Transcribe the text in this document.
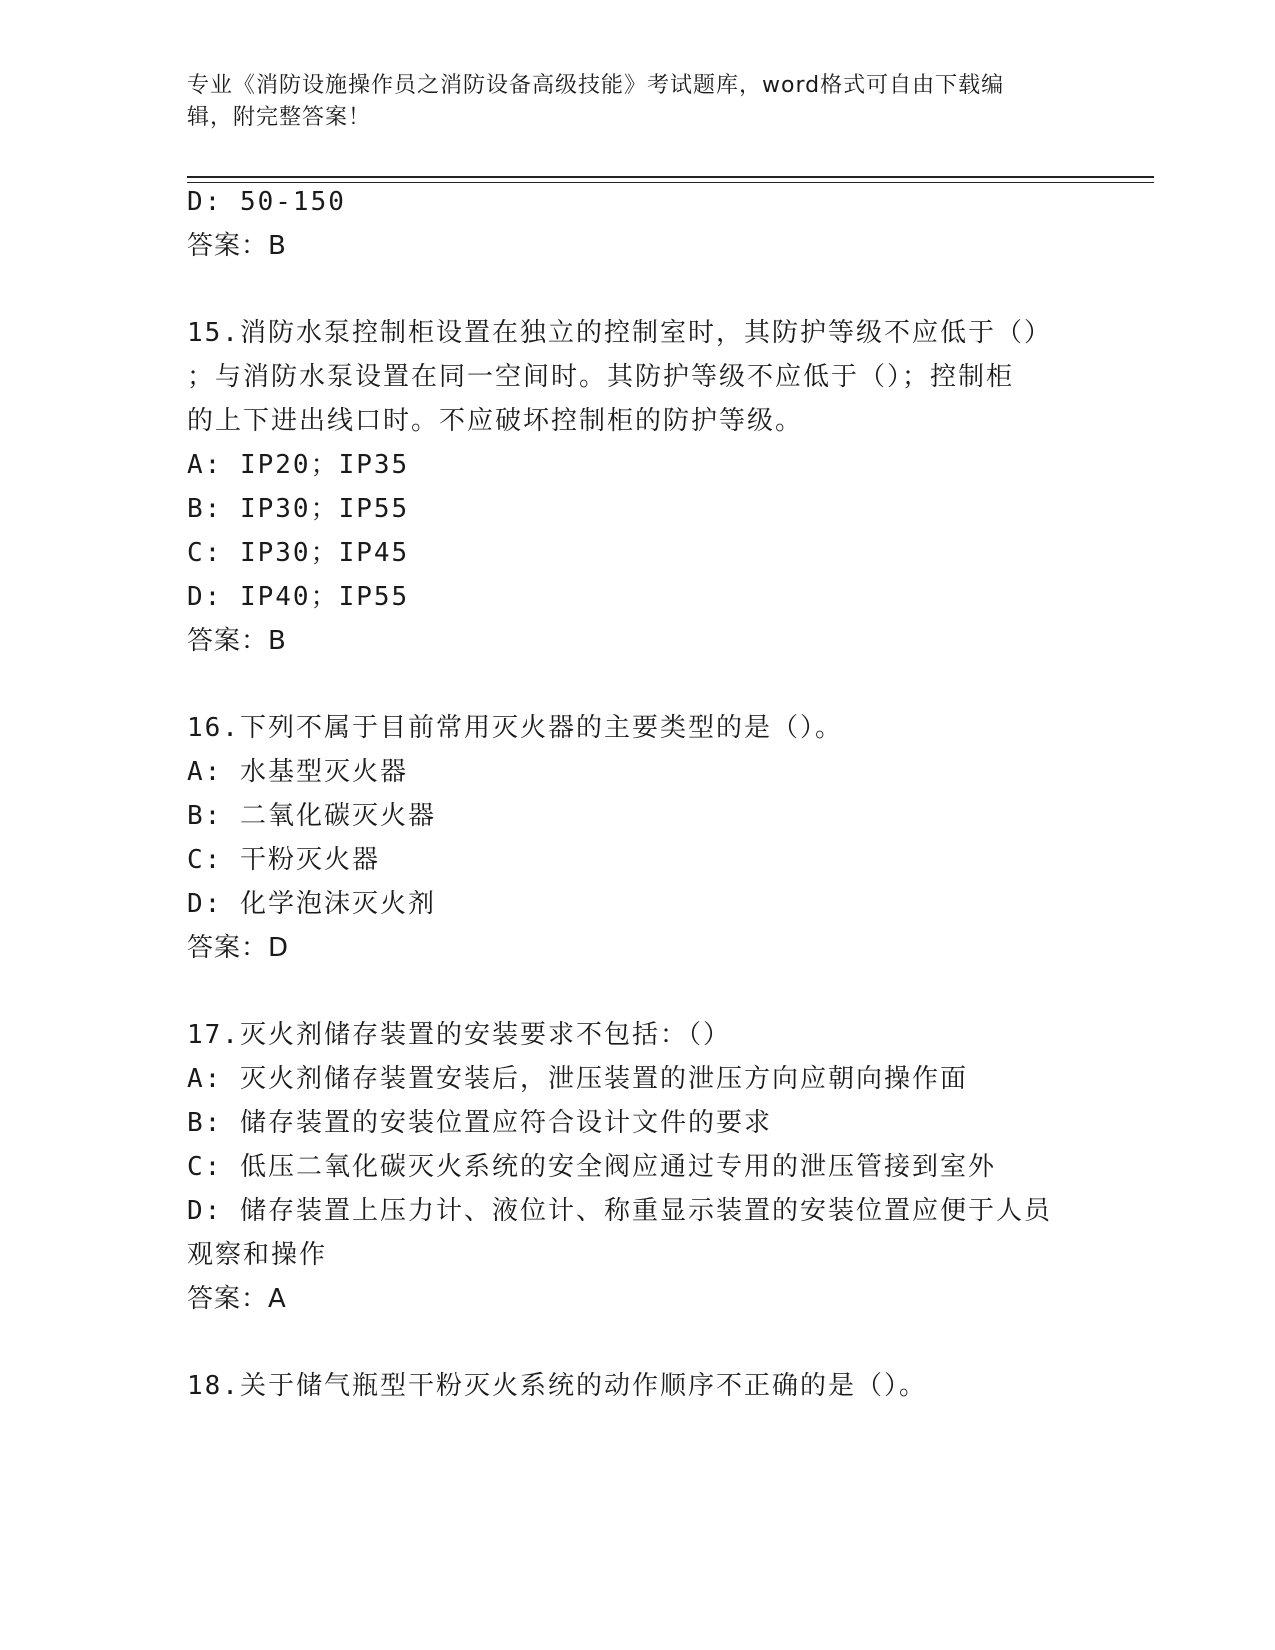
专业《消防设施操作员之消防设备高级技能》考试题库，word格式可自由下载编
辑，附完整答案！
D: 50-150
答案：B
15.消防水泵控制柜设置在独立的控制室时，其防护等级不应低于（）
；与消防水泵设置在同一空间时。其防护等级不应低于（）；控制柜
的上下进出线口时。不应破坏控制柜的防护等级。
A: IP20；IP35
B: IP30；IP55
C: IP30；IP45
D: IP40；IP55
答案：B
16.下列不属于目前常用灭火器的主要类型的是（）。
A: 水基型灭火器
B: 二氧化碳灭火器
C: 干粉灭火器
D: 化学泡沫灭火剂
答案：D
17.灭火剂储存装置的安装要求不包括：（）
A: 灭火剂储存装置安装后，泄压装置的泄压方向应朝向操作面
B: 储存装置的安装位置应符合设计文件的要求
C: 低压二氧化碳灭火系统的安全阀应通过专用的泄压管接到室外
D: 储存装置上压力计、液位计、称重显示装置的安装位置应便于人员
观察和操作
答案：A
18.关于储气瓶型干粉灭火系统的动作顺序不正确的是（）。
